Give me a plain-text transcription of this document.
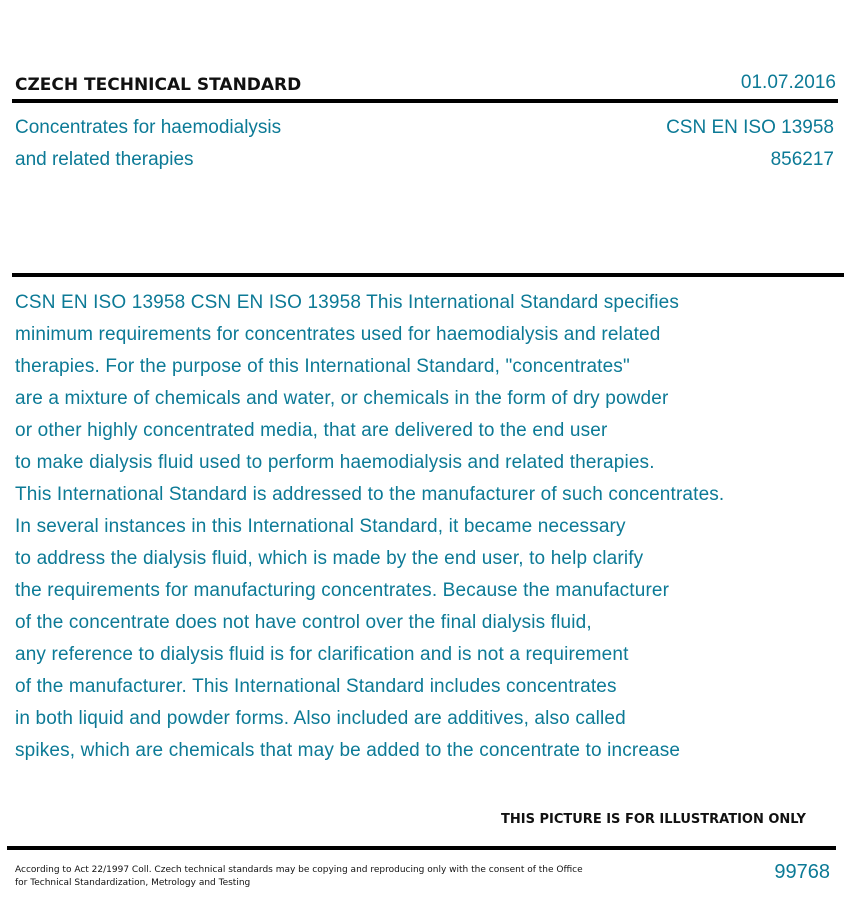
CZECH TECHNICAL STANDARD	01.07.2016
Concentrates for haemodialysis
and related therapies
CSN EN ISO 13958
856217
CSN EN ISO 13958 CSN EN ISO 13958 This International Standard specifies
minimum requirements for concentrates used for haemodialysis and related
therapies. For the purpose of this International Standard, "concentrates"
are a mixture of chemicals and water, or chemicals in the form of dry powder
or other highly concentrated media, that are delivered to the end user
to make dialysis fluid used to perform haemodialysis and related therapies.
This International Standard is addressed to the manufacturer of such concentrates.
In several instances in this International Standard, it became necessary
to address the dialysis fluid, which is made by the end user, to help clarify
the requirements for manufacturing concentrates. Because the manufacturer
of the concentrate does not have control over the final dialysis fluid,
any reference to dialysis fluid is for clarification and is not a requirement
of the manufacturer. This International Standard includes concentrates
in both liquid and powder forms. Also included are additives, also called
spikes, which are chemicals that may be added to the concentrate to increase
THIS PICTURE IS FOR ILLUSTRATION ONLY
According to Act 22/1997 Coll. Czech technical standards may be copying and reproducing only with the consent of the Office
for Technical Standardization, Metrology and Testing	99768
